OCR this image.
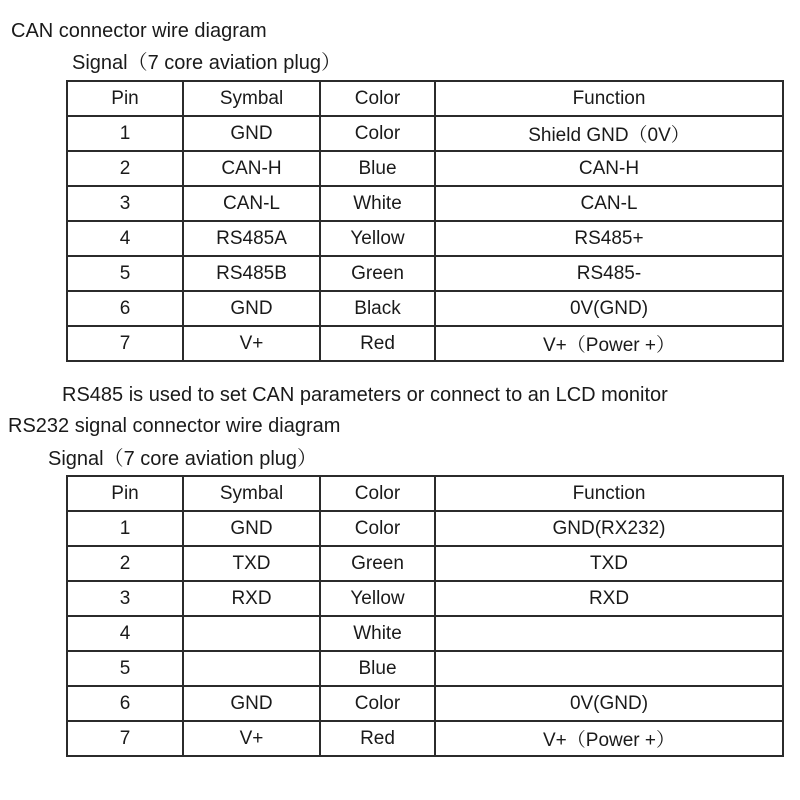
CAN connector wire diagram
Signal（7 core aviation plug）
Pin	Symbal	Color	Function
1	GND	Color	Shield GND（0V）
2	CAN-H	Blue	CAN-H
3	CAN-L	White	CAN-L
4	RS485A	Yellow	RS485+
5	RS485B	Green	RS485-
6	GND	Black	0V(GND)
7	V+	Red	V+（Power +）
RS485 is used to set CAN parameters or connect to an LCD monitor
RS232 signal connector wire diagram
Signal（7 core aviation plug）
Pin	Symbal	Color	Function
1	GND	Color	GND(RX232)
2	TXD	Green	TXD
3	RXD	Yellow	RXD
4		White	
5		Blue	
6	GND	Color	0V(GND)
7	V+	Red	V+（Power +）
